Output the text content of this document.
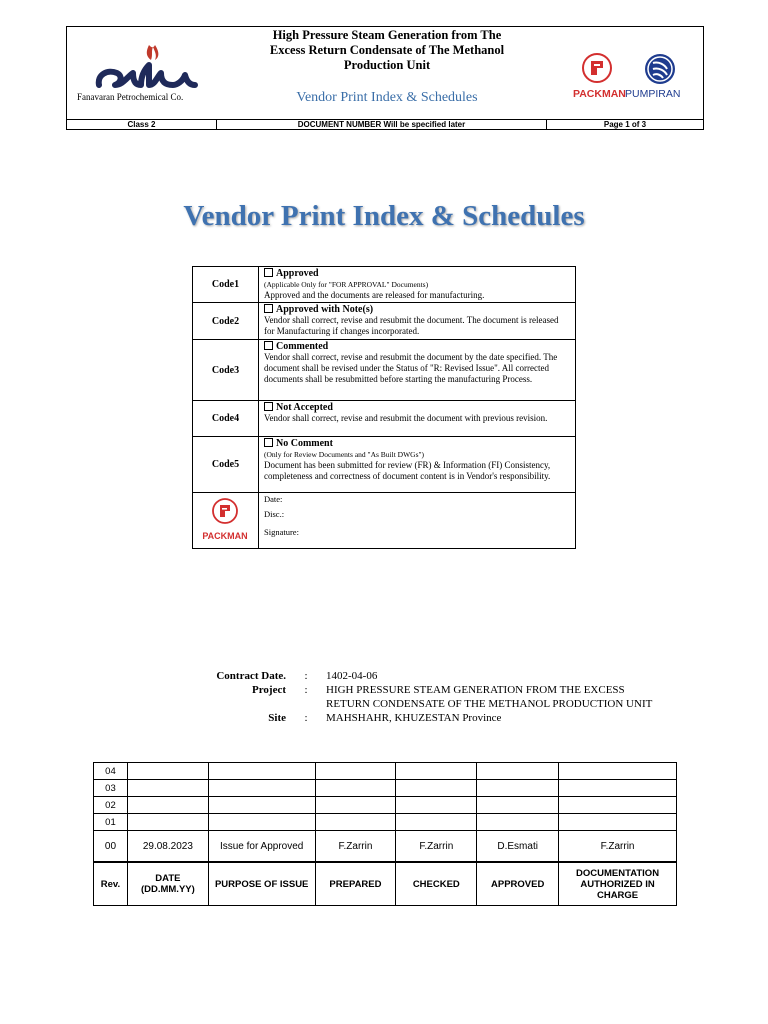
Fanavaran Petrochemical Co.
High Pressure Steam Generation from The
Excess Return Condensate of The Methanol
Production Unit
Vendor Print Index & Schedules	PACKMAN PUMPIRAN
Class 2	DOCUMENT NUMBER Will be specified later	Page 1 of 3
Vendor Print Index & Schedules
Code1	Approved
(Applicable Only for "FOR APPROVAL" Documents)
Approved and the documents are released for manufacturing.

Code2	Approved with Note(s)
Vendor shall correct, revise and resubmit the document. The document is released for Manufacturing if changes incorporated.

Code3	Commented
Vendor shall correct, revise and resubmit the document by the date specified. The document shall be revised under the Status of "R: Revised Issue". All corrected documents shall be resubmitted before starting the manufacturing Process.

Code4	Not Accepted
Vendor shall correct, revise and resubmit the document with previous revision.

Code5	No Comment
(Only for Review Documents and "As Built DWGs")
Document has been submitted for review (FR) & Information (FI) Consistency, completeness and correctness of document content is in Vendor's responsibility.

PACKMAN	Date:
Disc.:
Signature:
Contract Date.	:	1402-04-06
Project	:	HIGH PRESSURE STEAM GENERATION FROM THE EXCESS RETURN CONDENSATE OF THE METHANOL PRODUCTION UNIT
Site	:	MAHSHAHR, KHUZESTAN Province
04						
03						
02						
01						
00	29.08.2023	Issue for Approved	F.Zarrin	F.Zarrin	D.Esmati	F.Zarrin
Rev.	DATE (DD.MM.YY)	PURPOSE OF ISSUE	PREPARED	CHECKED	APPROVED	DOCUMENTATION AUTHORIZED IN CHARGE
